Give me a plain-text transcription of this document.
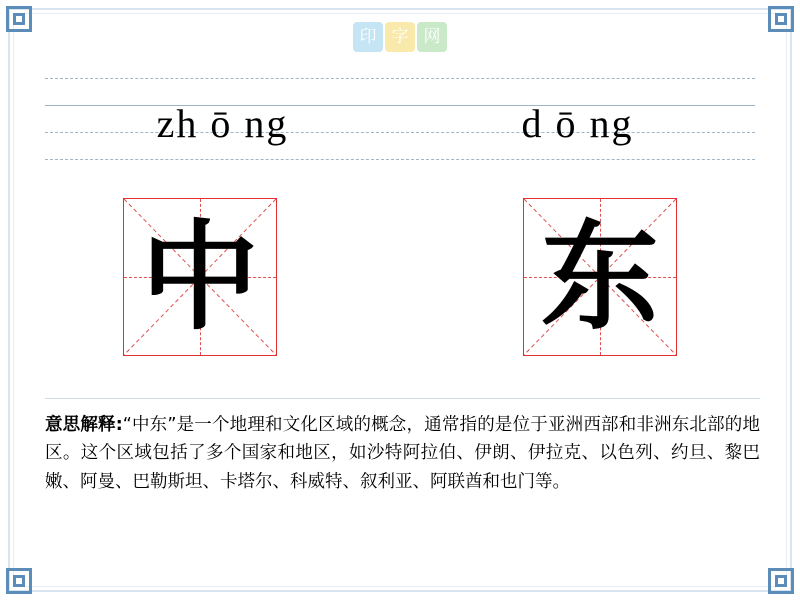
印 字 网
zh ō ng	d ō ng
中 东
意思解释:“中东”是一个地理和文化区域的概念，通常指的是位于亚洲西部和非洲东北部的地区。这个区域包括了多个国家和地区，如沙特阿拉伯、伊朗、伊拉克、以色列、约旦、黎巴嫩、阿曼、巴勒斯坦、卡塔尔、科威特、叙利亚、阿联酋和也门等。
